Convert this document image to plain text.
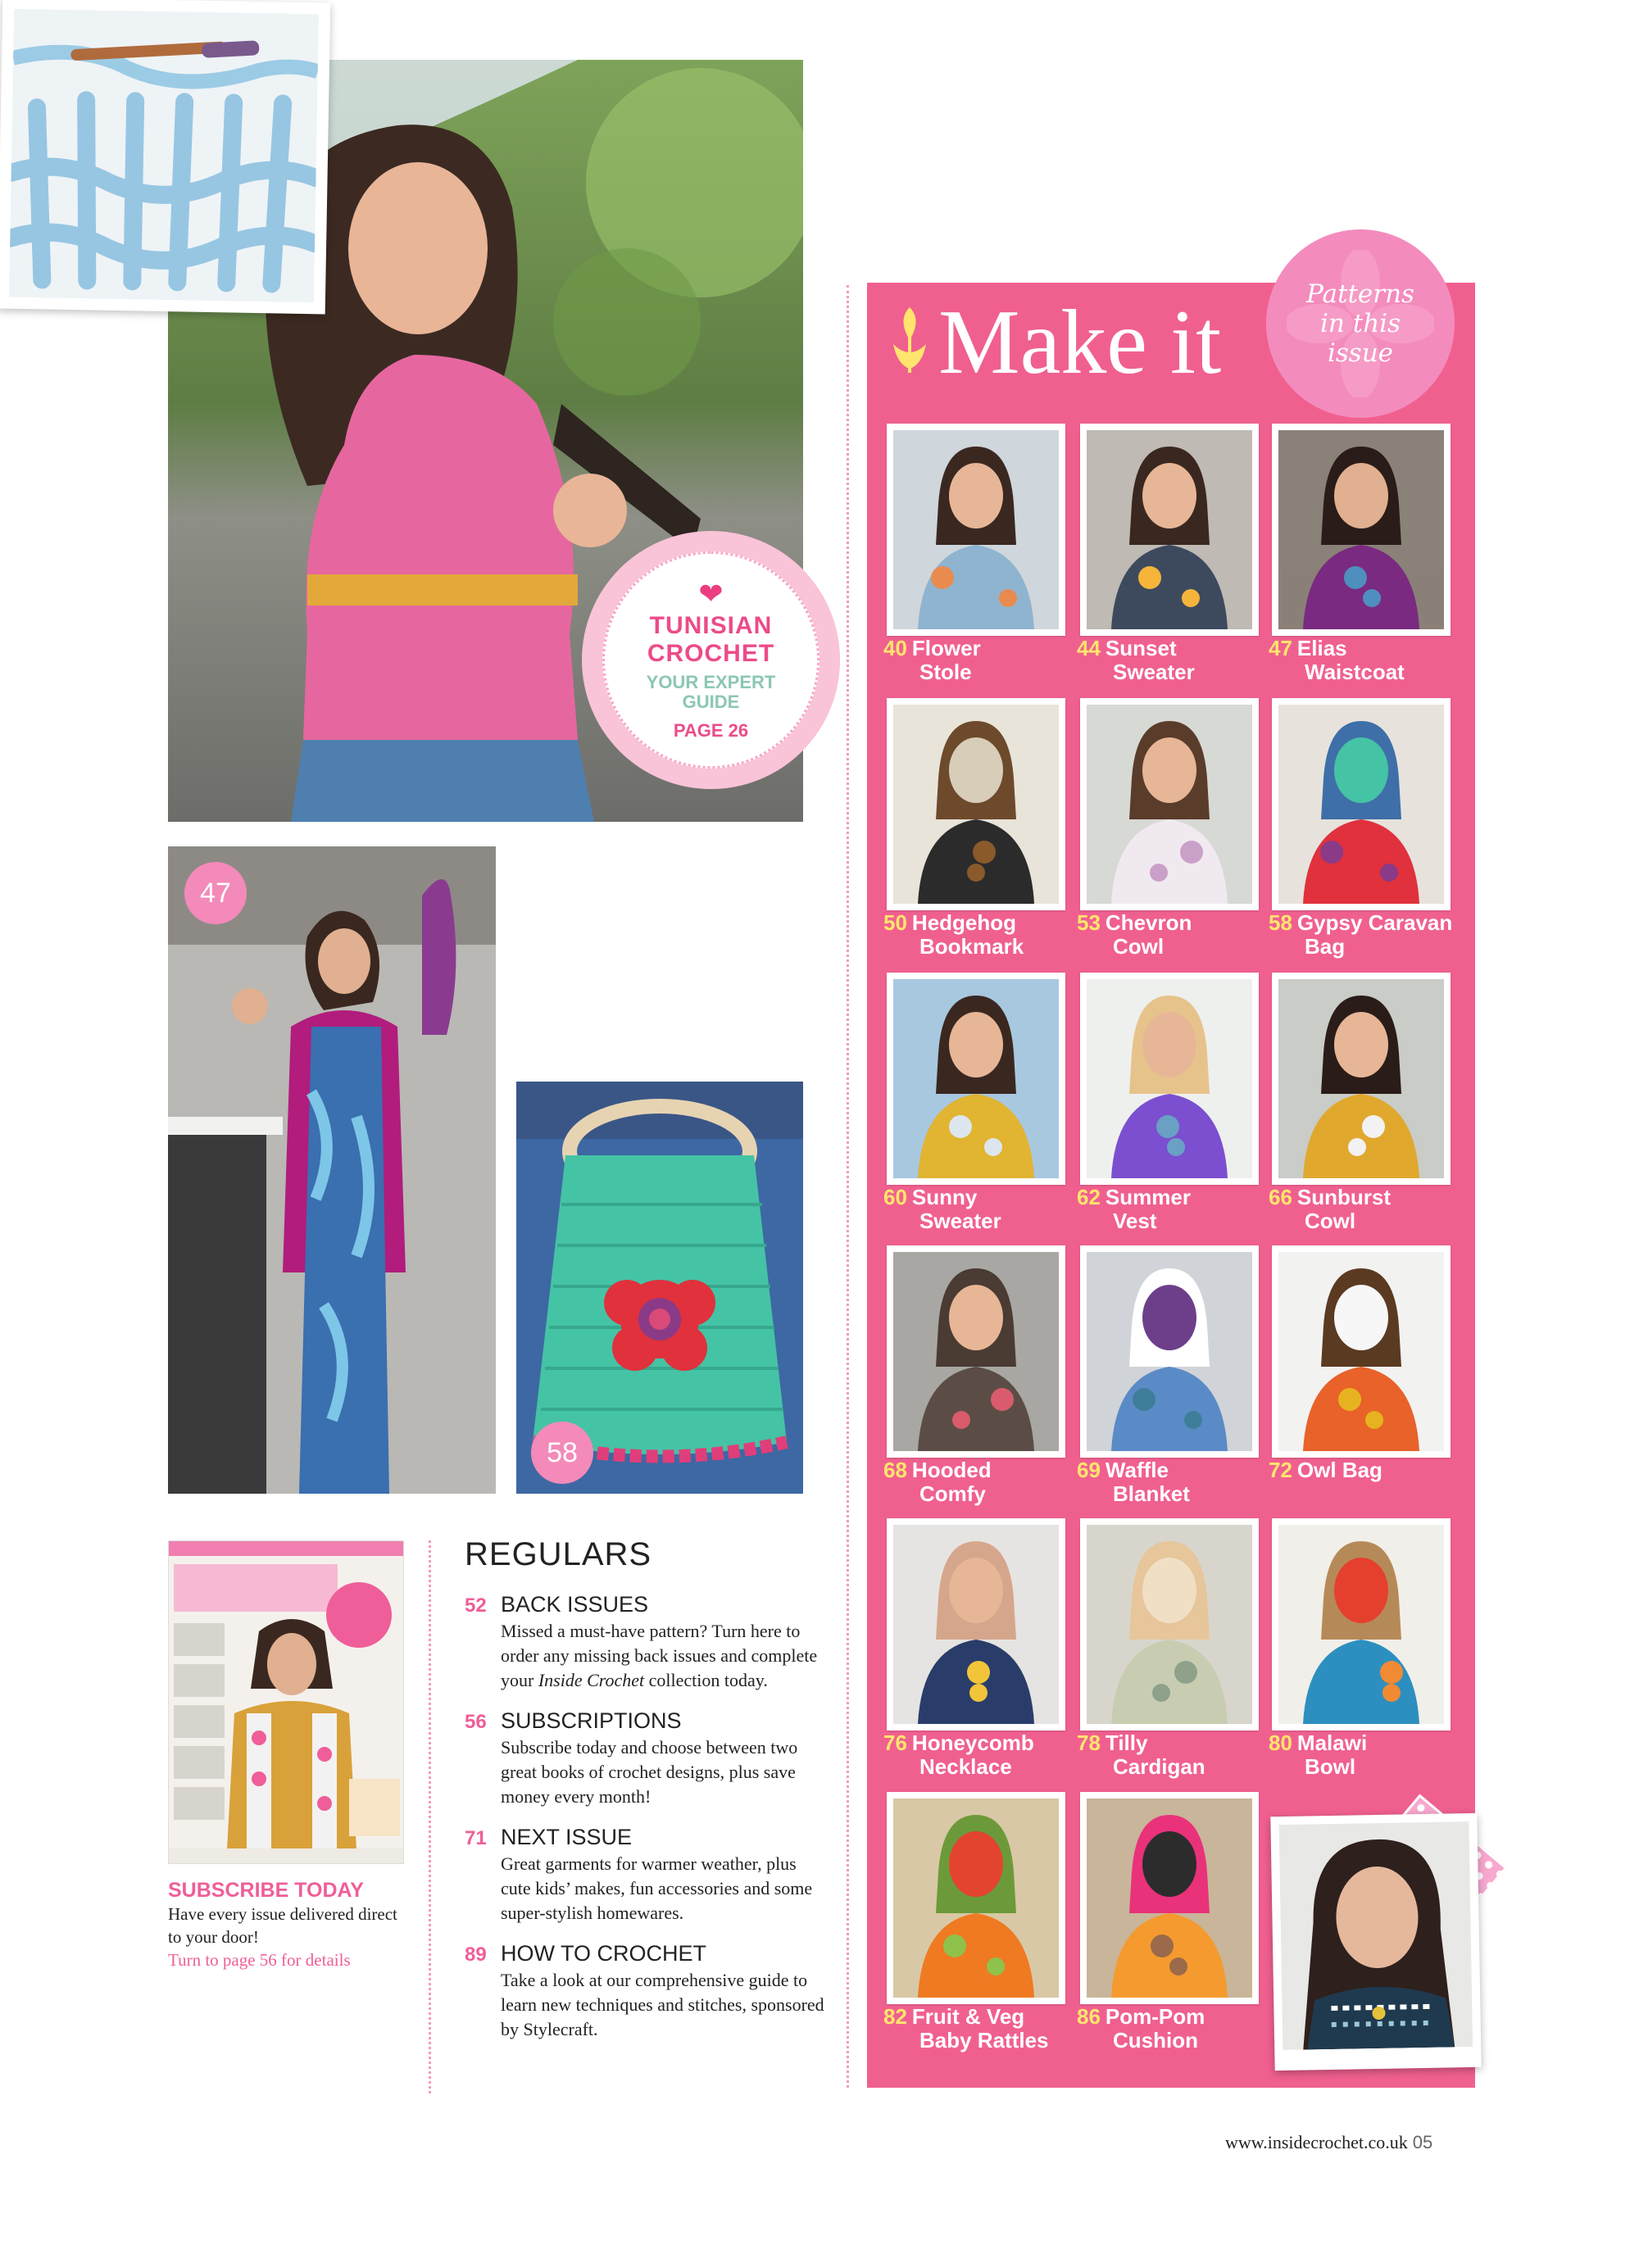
❤
TUNISIAN
CROCHET
YOUR EXPERT
GUIDE
PAGE 26
47
58
SUBSCRIBE TODAY
Have every issue delivered direct to your door!
Turn to page 56 for details
REGULARS
52 BACK ISSUES
Missed a must-have pattern? Turn here to order any missing back issues and complete your Inside Crochet collection today.
56 SUBSCRIPTIONS
Subscribe today and choose between two great books of crochet designs, plus save money every month!
71 NEXT ISSUE
Great garments for warmer weather, plus cute kids’ makes, fun accessories and some super-stylish homewares.
89 HOW TO CROCHET
Take a look at our comprehensive guide to learn new techniques and stitches, sponsored by Stylecraft.
Make it	Patterns
in this
issue
40 Flower
Stole
44 Sunset
Sweater
47 Elias
Waistcoat
50 Hedgehog
Bookmark
53 Chevron
Cowl
58 Gypsy Caravan
Bag
60 Sunny
Sweater
62 Summer
Vest
66 Sunburst
Cowl
68 Hooded
Comfy
69 Waffle
Blanket
72 Owl Bag
76 Honeycomb
Necklace
78 Tilly
Cardigan
80 Malawi
Bowl
82 Fruit & Veg
Baby Rattles
86 Pom-Pom
Cushion
www.insidecrochet.co.uk 05
